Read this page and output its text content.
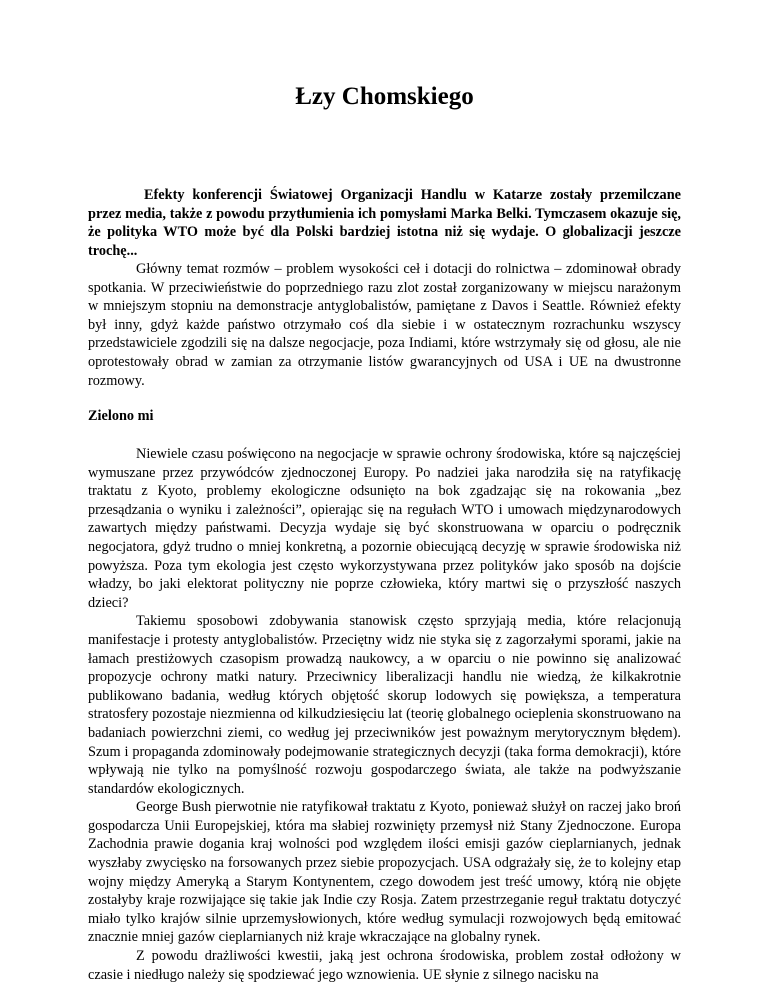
Łzy Chomskiego

Efekty konferencji Światowej Organizacji Handlu w Katarze zostały przemilczane przez media, także z powodu przytłumienia ich pomysłami Marka Belki. Tymczasem okazuje się, że polityka WTO może być dla Polski bardziej istotna niż się wydaje. O globalizacji jeszcze trochę...

Główny temat rozmów – problem wysokości ceł i dotacji do rolnictwa – zdominował obrady spotkania. W przeciwieństwie do poprzedniego razu zlot został zorganizowany w miejscu narażonym w mniejszym stopniu na demonstracje antyglobalistów, pamiętane z Davos i Seattle. Również efekty był inny, gdyż każde państwo otrzymało coś dla siebie i w ostatecznym rozrachunku wszyscy przedstawiciele zgodzili się na dalsze negocjacje, poza Indiami, które wstrzymały się od głosu, ale nie oprotestowały obrad w zamian za otrzymanie listów gwarancyjnych od USA i UE na dwustronne rozmowy.

Zielono mi

Niewiele czasu poświęcono na negocjacje w sprawie ochrony środowiska, które są najczęściej wymuszane przez przywódców zjednoczonej Europy. Po nadziei jaka narodziła się na ratyfikację traktatu z Kyoto, problemy ekologiczne odsunięto na bok zgadzając się na rokowania „bez przesądzania o wyniku i zależności”, opierając się na regułach WTO i umowach międzynarodowych zawartych między państwami. Decyzja wydaje się być skonstruowana w oparciu o podręcznik negocjatora, gdyż trudno o mniej konkretną, a pozornie obiecującą decyzję w sprawie środowiska niż powyższa. Poza tym ekologia jest często wykorzystywana przez polityków jako sposób na dojście władzy, bo jaki elektorat polityczny nie poprze człowieka, który martwi się o przyszłość naszych dzieci?

Takiemu sposobowi zdobywania stanowisk często sprzyjają media, które relacjonują manifestacje i protesty antyglobalistów. Przeciętny widz nie styka się z zagorzałymi sporami, jakie na łamach prestiżowych czasopism prowadzą naukowcy, a w oparciu o nie powinno się analizować propozycje ochrony matki natury. Przeciwnicy liberalizacji handlu nie wiedzą, że kilkakrotnie publikowano badania, według których objętość skorup lodowych się powiększa, a temperatura stratosfery pozostaje niezmienna od kilkudziesięciu lat (teorię globalnego ocieplenia skonstruowano na badaniach powierzchni ziemi, co według jej przeciwników jest poważnym merytorycznym błędem). Szum i propaganda zdominowały podejmowanie strategicznych decyzji (taka forma demokracji), które wpływają nie tylko na pomyślność rozwoju gospodarczego świata, ale także na podwyższanie standardów ekologicznych.

George Bush pierwotnie nie ratyfikował traktatu z Kyoto, ponieważ służył on raczej jako broń gospodarcza Unii Europejskiej, która ma słabiej rozwinięty przemysł niż Stany Zjednoczone. Europa Zachodnia prawie dogania kraj wolności pod względem ilości emisji gazów cieplarnianych, jednak wyszłaby zwycięsko na forsowanych przez siebie propozycjach. USA odgrażały się, że to kolejny etap wojny między Ameryką a Starym Kontynentem, czego dowodem jest treść umowy, którą nie objęte zostałyby kraje rozwijające się takie jak Indie czy Rosja. Zatem przestrzeganie reguł traktatu dotyczyć miało tylko krajów silnie uprzemysłowionych, które według symulacji rozwojowych będą emitować znacznie mniej gazów cieplarnianych niż kraje wkraczające na globalny rynek.

Z powodu drażliwości kwestii, jaką jest ochrona środowiska, problem został odłożony w czasie i niedługo należy się spodziewać jego wznowienia. UE słynie z silnego nacisku na
